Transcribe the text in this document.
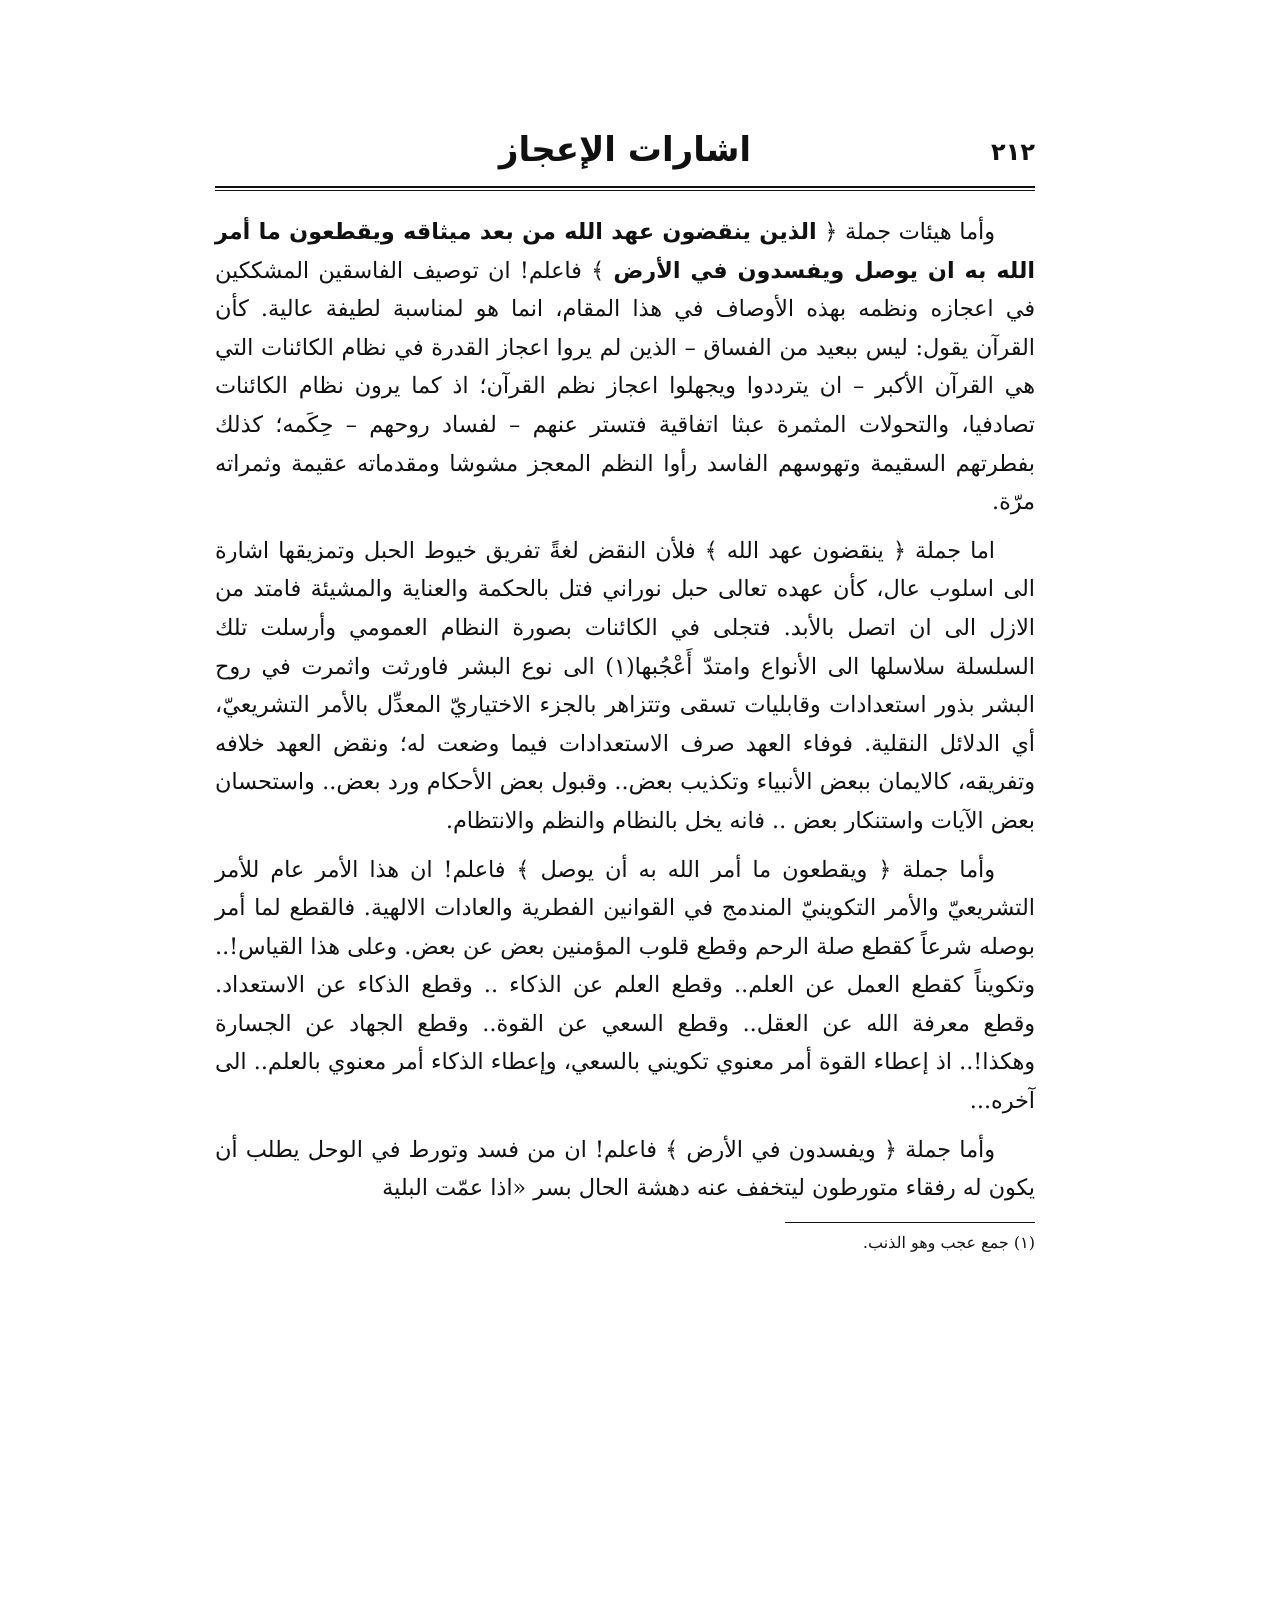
٢١٢
اشارات الإعجاز

وأما هيئات جملة ﴿ الذين ينقضون عهد الله من بعد ميثاقه ويقطعون ما أمر الله به ان يوصل ويفسدون في الأرض ﴾ فاعلم! ان توصيف الفاسقين المشككين في اعجازه ونظمه بهذه الأوصاف في هذا المقام، انما هو لمناسبة لطيفة عالية. كأن القرآن يقول: ليس ببعيد من الفساق – الذين لم يروا اعجاز القدرة في نظام الكائنات التي هي القرآن الأكبر – ان يترددوا ويجهلوا اعجاز نظم القرآن؛ اذ كما يرون نظام الكائنات تصادفيا، والتحولات المثمرة عبثا اتفاقية فتستر عنهم – لفساد روحهم – حِكَمه؛ كذلك بفطرتهم السقيمة وتهوسهم الفاسد رأوا النظم المعجز مشوشا ومقدماته عقيمة وثمراته مرّة.

اما جملة ﴿ ينقضون عهد الله ﴾ فلأن النقض لغةً تفريق خيوط الحبل وتمزيقها اشارة الى اسلوب عال، كأن عهده تعالى حبل نوراني فتل بالحكمة والعناية والمشيئة فامتد من الازل الى ان اتصل بالأبد. فتجلى في الكائنات بصورة النظام العمومي وأرسلت تلك السلسلة سلاسلها الى الأنواع وامتدّ أَعْجُبها(١) الى نوع البشر فاورثت واثمرت في روح البشر بذور استعدادات وقابليات تسقى وتتزاهر بالجزء الاختياريّ المعدِّل بالأمر التشريعيّ، أي الدلائل النقلية. فوفاء العهد صرف الاستعدادات فيما وضعت له؛ ونقض العهد خلافه وتفريقه، كالايمان ببعض الأنبياء وتكذيب بعض.. وقبول بعض الأحكام ورد بعض.. واستحسان بعض الآيات واستنكار بعض .. فانه يخل بالنظام والنظم والانتظام.

وأما جملة ﴿ ويقطعون ما أمر الله به أن يوصل ﴾ فاعلم! ان هذا الأمر عام للأمر التشريعيّ والأمر التكوينيّ المندمج في القوانين الفطرية والعادات الالهية. فالقطع لما أمر بوصله شرعاً كقطع صلة الرحم وقطع قلوب المؤمنين بعض عن بعض. وعلى هذا القياس!.. وتكويناً كقطع العمل عن العلم.. وقطع العلم عن الذكاء .. وقطع الذكاء عن الاستعداد. وقطع معرفة الله عن العقل.. وقطع السعي عن القوة.. وقطع الجهاد عن الجسارة وهكذا!.. اذ إعطاء القوة أمر معنوي تكويني بالسعي، وإعطاء الذكاء أمر معنوي بالعلم.. الى آخره...

وأما جملة ﴿ ويفسدون في الأرض ﴾ فاعلم! ان من فسد وتورط في الوحل يطلب أن يكون له رفقاء متورطون ليتخفف عنه دهشة الحال بسر «اذا عمّت البلية

(١) جمع عجب وهو الذنب.
